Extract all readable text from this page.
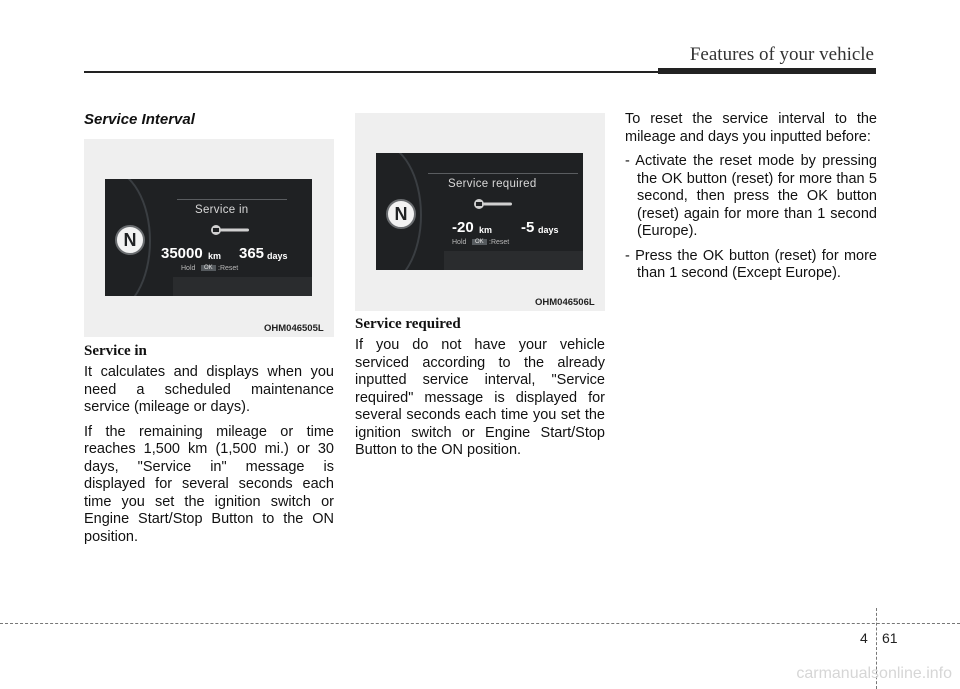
Features of your vehicle
Service Interval
N
Service in
35000 km 365 days
Hold	OK :Reset
OHM046505L
Service in

It calculates and displays when you need a scheduled maintenance service (mileage or days).

If the remaining mileage or time reaches 1,500 km (1,500 mi.) or 30 days, "Service in" message is displayed for several seconds each time you set the ignition switch or Engine Start/Stop Button to the ON position.

N
Service required
-20 km -5 days
Hold	OK :Reset
OHM046506L
Service required

If you do not have your vehicle serviced according to the already inputted service interval, "Service required" message is displayed for several seconds each time you set the ignition switch or Engine Start/Stop Button to the ON position.

To reset the service interval to the mileage and days you inputted before:

- Activate the reset mode by pressing the OK button (reset) for more than 5 second, then press the OK button (reset) again for more than 1 second (Europe).

- Press the OK button (reset) for more than 1 second (Except Europe).

4 61
carmanualsonline.info
